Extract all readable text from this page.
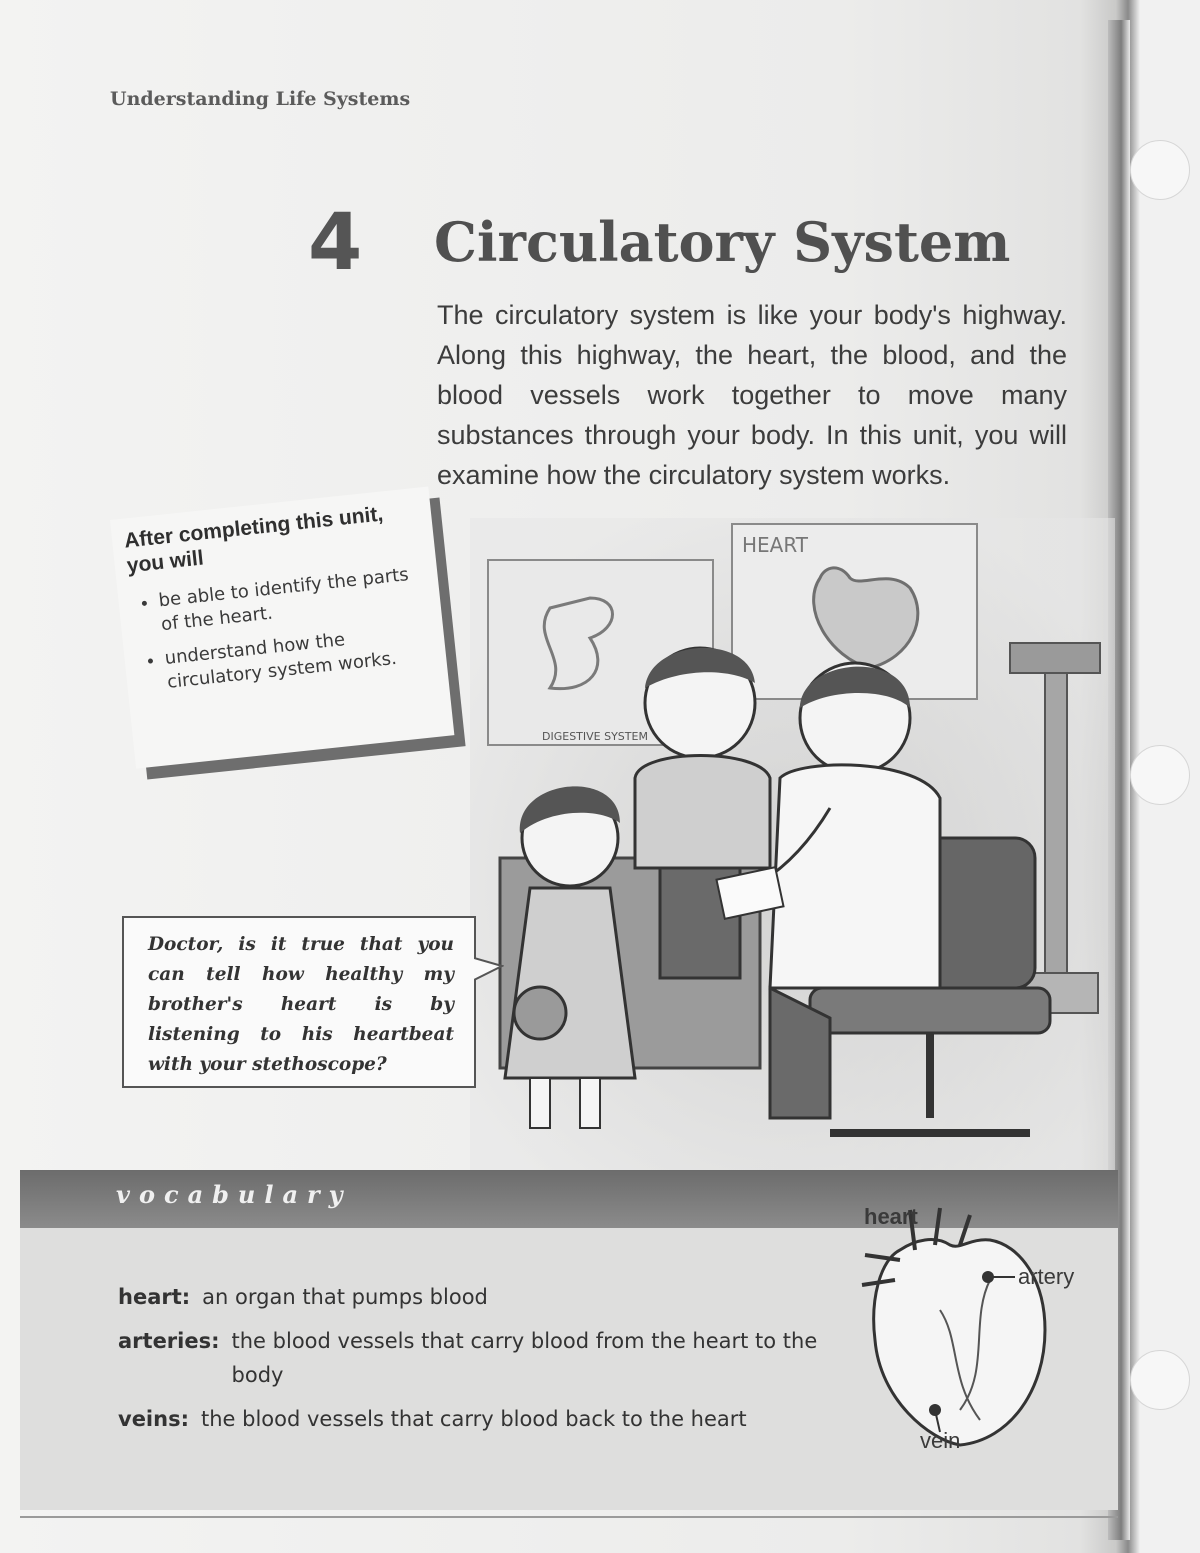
Understanding Life Systems
4 Circulatory System
The circulatory system is like your body's highway. Along this highway, the heart, the blood, and the blood vessels work together to move many substances through your body. In this unit, you will examine how the circulatory system works.
After completing this unit, you will
• be able to identify the parts of the heart.
• understand how the circulatory system works.
DIGESTIVE SYSTEM
HEART
Doctor, is it true that you can tell how healthy my brother's heart is by listening to his heartbeat with your stethoscope?
vocabulary
heart: an organ that pumps blood
arteries: the blood vessels that carry blood from the heart to the body
veins: the blood vessels that carry blood back to the heart
heart
artery
vein
